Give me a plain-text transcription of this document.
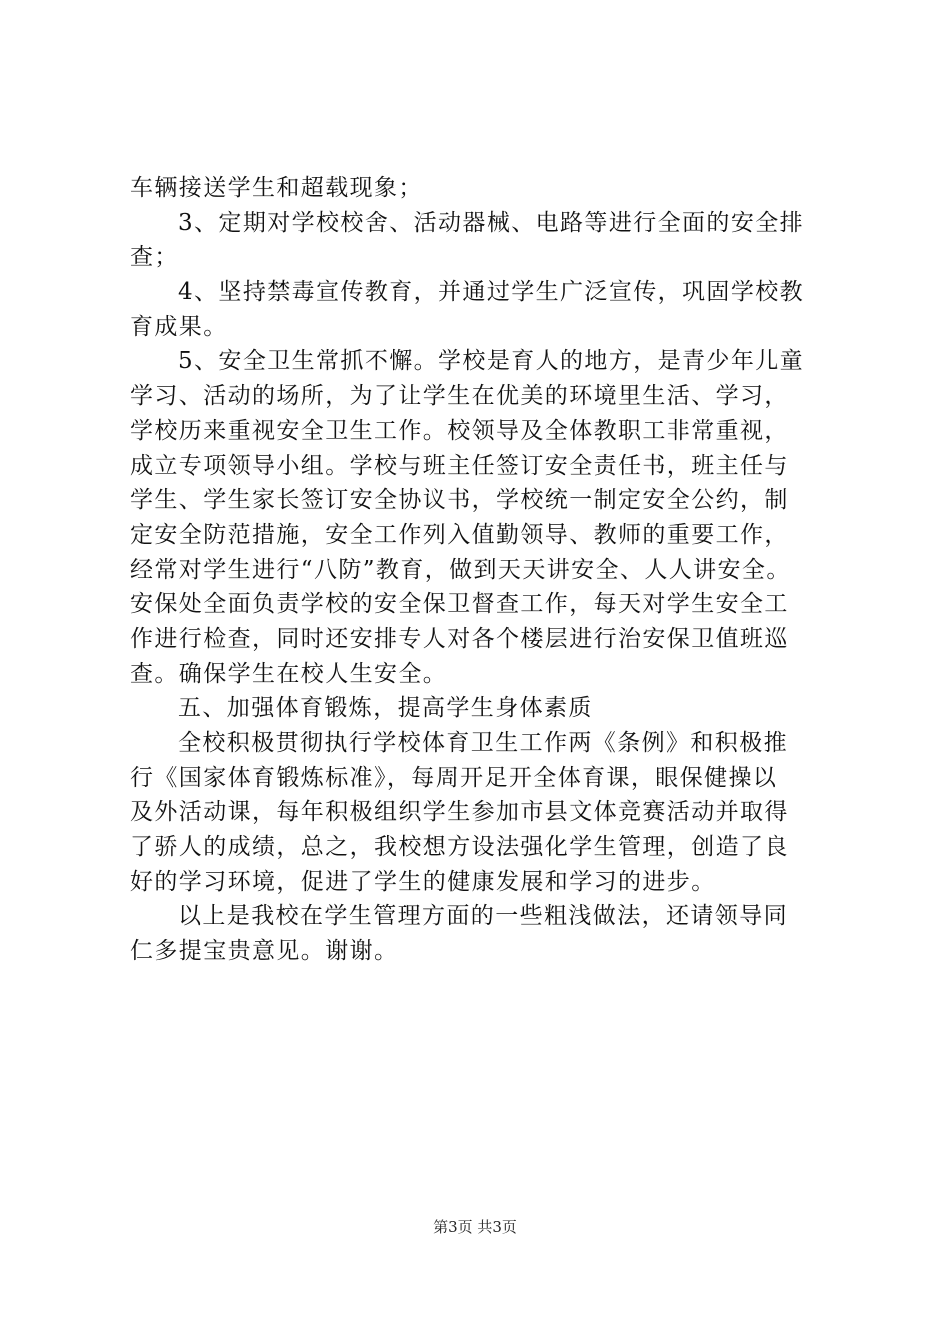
车辆接送学生和超载现象；
3、定期对学校校舍、活动器械、电路等进行全面的安全排
查；
4、坚持禁毒宣传教育，并通过学生广泛宣传，巩固学校教
育成果。
5、安全卫生常抓不懈。学校是育人的地方，是青少年儿童
学习、活动的场所，为了让学生在优美的环境里生活、学习，
学校历来重视安全卫生工作。校领导及全体教职工非常重视，
成立专项领导小组。学校与班主任签订安全责任书，班主任与
学生、学生家长签订安全协议书，学校统一制定安全公约，制
定安全防范措施，安全工作列入值勤领导、教师的重要工作，
经常对学生进行“八防”教育，做到天天讲安全、人人讲安全。
安保处全面负责学校的安全保卫督查工作，每天对学生安全工
作进行检查，同时还安排专人对各个楼层进行治安保卫值班巡
查。确保学生在校人生安全。
五、加强体育锻炼，提高学生身体素质
全校积极贯彻执行学校体育卫生工作两《条例》和积极推
行《国家体育锻炼标准》，每周开足开全体育课，眼保健操以
及外活动课，每年积极组织学生参加市县文体竞赛活动并取得
了骄人的成绩，总之，我校想方设法强化学生管理，创造了良
好的学习环境，促进了学生的健康发展和学习的进步。
以上是我校在学生管理方面的一些粗浅做法，还请领导同
仁多提宝贵意见。谢谢。
第3页 共3页
